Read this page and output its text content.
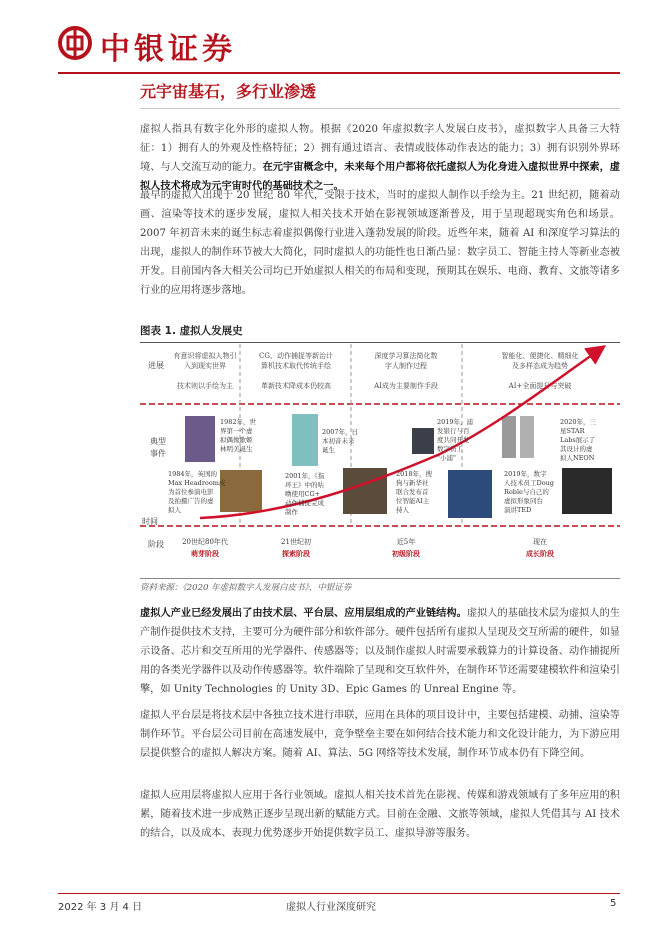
中银证券
元宇宙基石，多行业渗透

虚拟人指具有数字化外形的虚拟人物。根据《2020 年虚拟数字人发展白皮书》，虚拟数字人具备三大特征：1）拥有人的外观及性格特征；2）拥有通过语言、表情或肢体动作表达的能力；3）拥有识别外界环境、与人交流互动的能力。在元宇宙概念中，未来每个用户都将依托虚拟人为化身进入虚拟世界中探索，虚拟人技术将成为元宇宙时代的基础技术之一。

最早的虚拟人出现于 20 世纪 80 年代，受限于技术，当时的虚拟人制作以手绘为主。21 世纪初，随着动画、渲染等技术的逐步发展，虚拟人相关技术开始在影视领域逐渐普及，用于呈现超现实角色和场景。2007 年初音未来的诞生标志着虚拟偶像行业进入蓬勃发展的阶段。近些年来，随着 AI 和深度学习算法的出现，虚拟人的制作环节被大大简化，同时虚拟人的功能性也日渐凸显：数字员工、智能主持人等新业态被开发。目前国内各大相关公司均已开始虚拟人相关的布局和变现，预期其在娱乐、电商、教育、文旅等诸多行业的应用将逐步落地。

图表 1. 虚拟人发展史
进展
典型
事件
时间
阶段
有意识将虚拟人物引
入到现实世界
技术则以手绘为主
CG、动作捕捉等新治计
算机技术取代传统手绘
革新技术降成本仍较高
深度学习算法简化数
字人制作过程
AI成为主要制作手段
智能化、便捷化、精细化
及多样态成为趋势
AI+全面提升与突破
1982年，世
界第一个虚
拟偶像歌姬
林明美诞生
1984年，英国的
Max Headroom成
为首位参演电影
及拍摄广告的虚
拟人
2001年，《指
环王》中的咕
噜使用CG+
动作捕捉完成
制作
2007年，日
本初音未来
诞生
2018年，搜
狗与新华社
联合发布首
位智能AI主
持人
2019年，浦
发银行与百
度共同开发
数字员工
"小浦"
2019年，数字
人技术员工Doug
Roble与自己的
虚拟形象同台
演讲TED
2020年，三
星STAR
Labs展示了
其设计的虚
拟人NEON
20世纪80年代
萌芽阶段
21世纪初
探索阶段
近5年
初级阶段
现在
成长阶段
资料来源：《2020 年虚拟数字人发展白皮书》，中银证券

虚拟人产业已经发展出了由技术层、平台层、应用层组成的产业链结构。虚拟人的基础技术层为虚拟人的生产制作提供技术支持，主要可分为硬件部分和软件部分。硬件包括所有虚拟人呈现及交互所需的硬件，如显示设备、芯片和交互所用的光学器件、传感器等；以及制作虚拟人时需要承载算力的计算设备、动作捕捉所用的各类光学器件以及动作传感器等。软件端除了呈现和交互软件外，在制作环节还需要建模软件和渲染引擎，如 Unity Technologies 的 Unity 3D、Epic Games 的 Unreal Engine 等。

虚拟人平台层是将技术层中各独立技术进行串联，应用在具体的项目设计中，主要包括建模、动捕、渲染等制作环节。平台层公司目前在高速发展中，竞争壁垒主要在如何结合技术能力和文化设计能力，为下游应用层提供整合的虚拟人解决方案。随着 AI、算法、5G 网络等技术发展，制作环节成本仍有下降空间。

虚拟人应用层将虚拟人应用于各行业领域。虚拟人相关技术首先在影视、传媒和游戏领域有了多年应用的积累，随着技术进一步成熟正逐步呈现出新的赋能方式。目前在金融、文旅等领域，虚拟人凭借其与 AI 技术的结合，以及成本、表现力优势逐步开始提供数字员工、虚拟导游等服务。

2022 年 3 月 4 日	虚拟人行业深度研究	5
